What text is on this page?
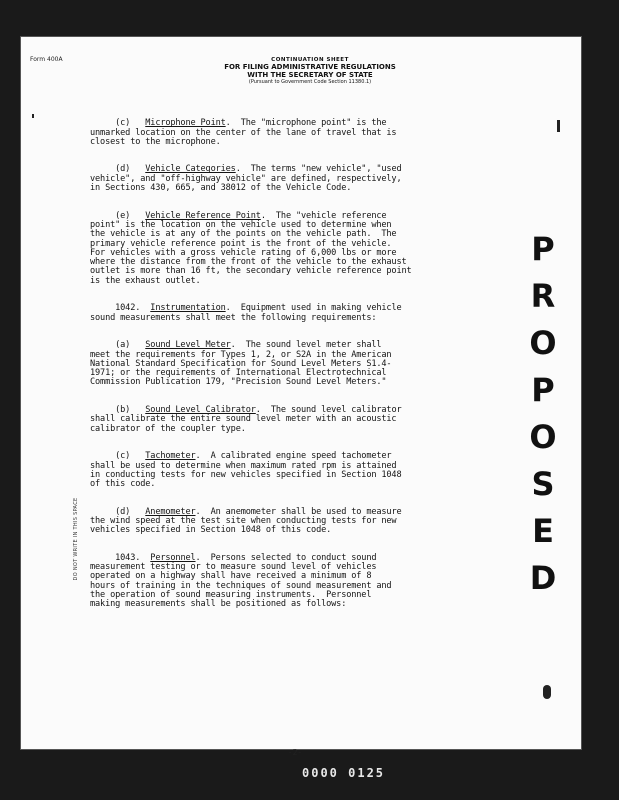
Form 400A	CONTINUATION SHEET
FOR FILING ADMINISTRATIVE REGULATIONS
WITH THE SECRETARY OF STATE
(Pursuant to Government Code Section 11380.1)

(c)   Microphone Point.  The "microphone point" is the
unmarked location on the center of the lane of travel that is
closest to the microphone.

(d)   Vehicle Categories.  The terms "new vehicle", "used
vehicle", and "off-highway vehicle" are defined, respectively,
in Sections 430, 665, and 38012 of the Vehicle Code.

(e)   Vehicle Reference Point.  The "vehicle reference
point" is the location on the vehicle used to determine when
the vehicle is at any of the points on the vehicle path.  The
primary vehicle reference point is the front of the vehicle.
For vehicles with a gross vehicle rating of 6,000 lbs or more
where the distance from the front of the vehicle to the exhaust
outlet is more than 16 ft, the secondary vehicle reference point
is the exhaust outlet.

1042.  Instrumentation.  Equipment used in making vehicle
sound measurements shall meet the following requirements:

(a)   Sound Level Meter.  The sound level meter shall
meet the requirements for Types 1, 2, or S2A in the American
National Standard Specification for Sound Level Meters S1.4-
1971; or the requirements of International Electrotechnical
Commission Publication 179, "Precision Sound Level Meters."

(b)   Sound Level Calibrator.  The sound level calibrator
shall calibrate the entire sound level meter with an acoustic
calibrator of the coupler type.

(c)   Tachometer.  A calibrated engine speed tachometer
shall be used to determine when maximum rated rpm is attained
in conducting tests for new vehicles specified in Section 1048
of this code.

(d)   Anemometer.  An anemometer shall be used to measure
the wind speed at the test site when conducting tests for new
vehicles specified in Section 1048 of this code.

1043.  Personnel.  Persons selected to conduct sound
measurement testing or to measure sound level of vehicles
operated on a highway shall have received a minimum of 8
hours of training in the techniques of sound measurement and
the operation of sound measuring instruments.  Personnel
making measurements shall be positioned as follows:

DO NOT WRITE IN THIS SPACE
P
R
O
P
O
S
E
D
-2-
0000 0125
